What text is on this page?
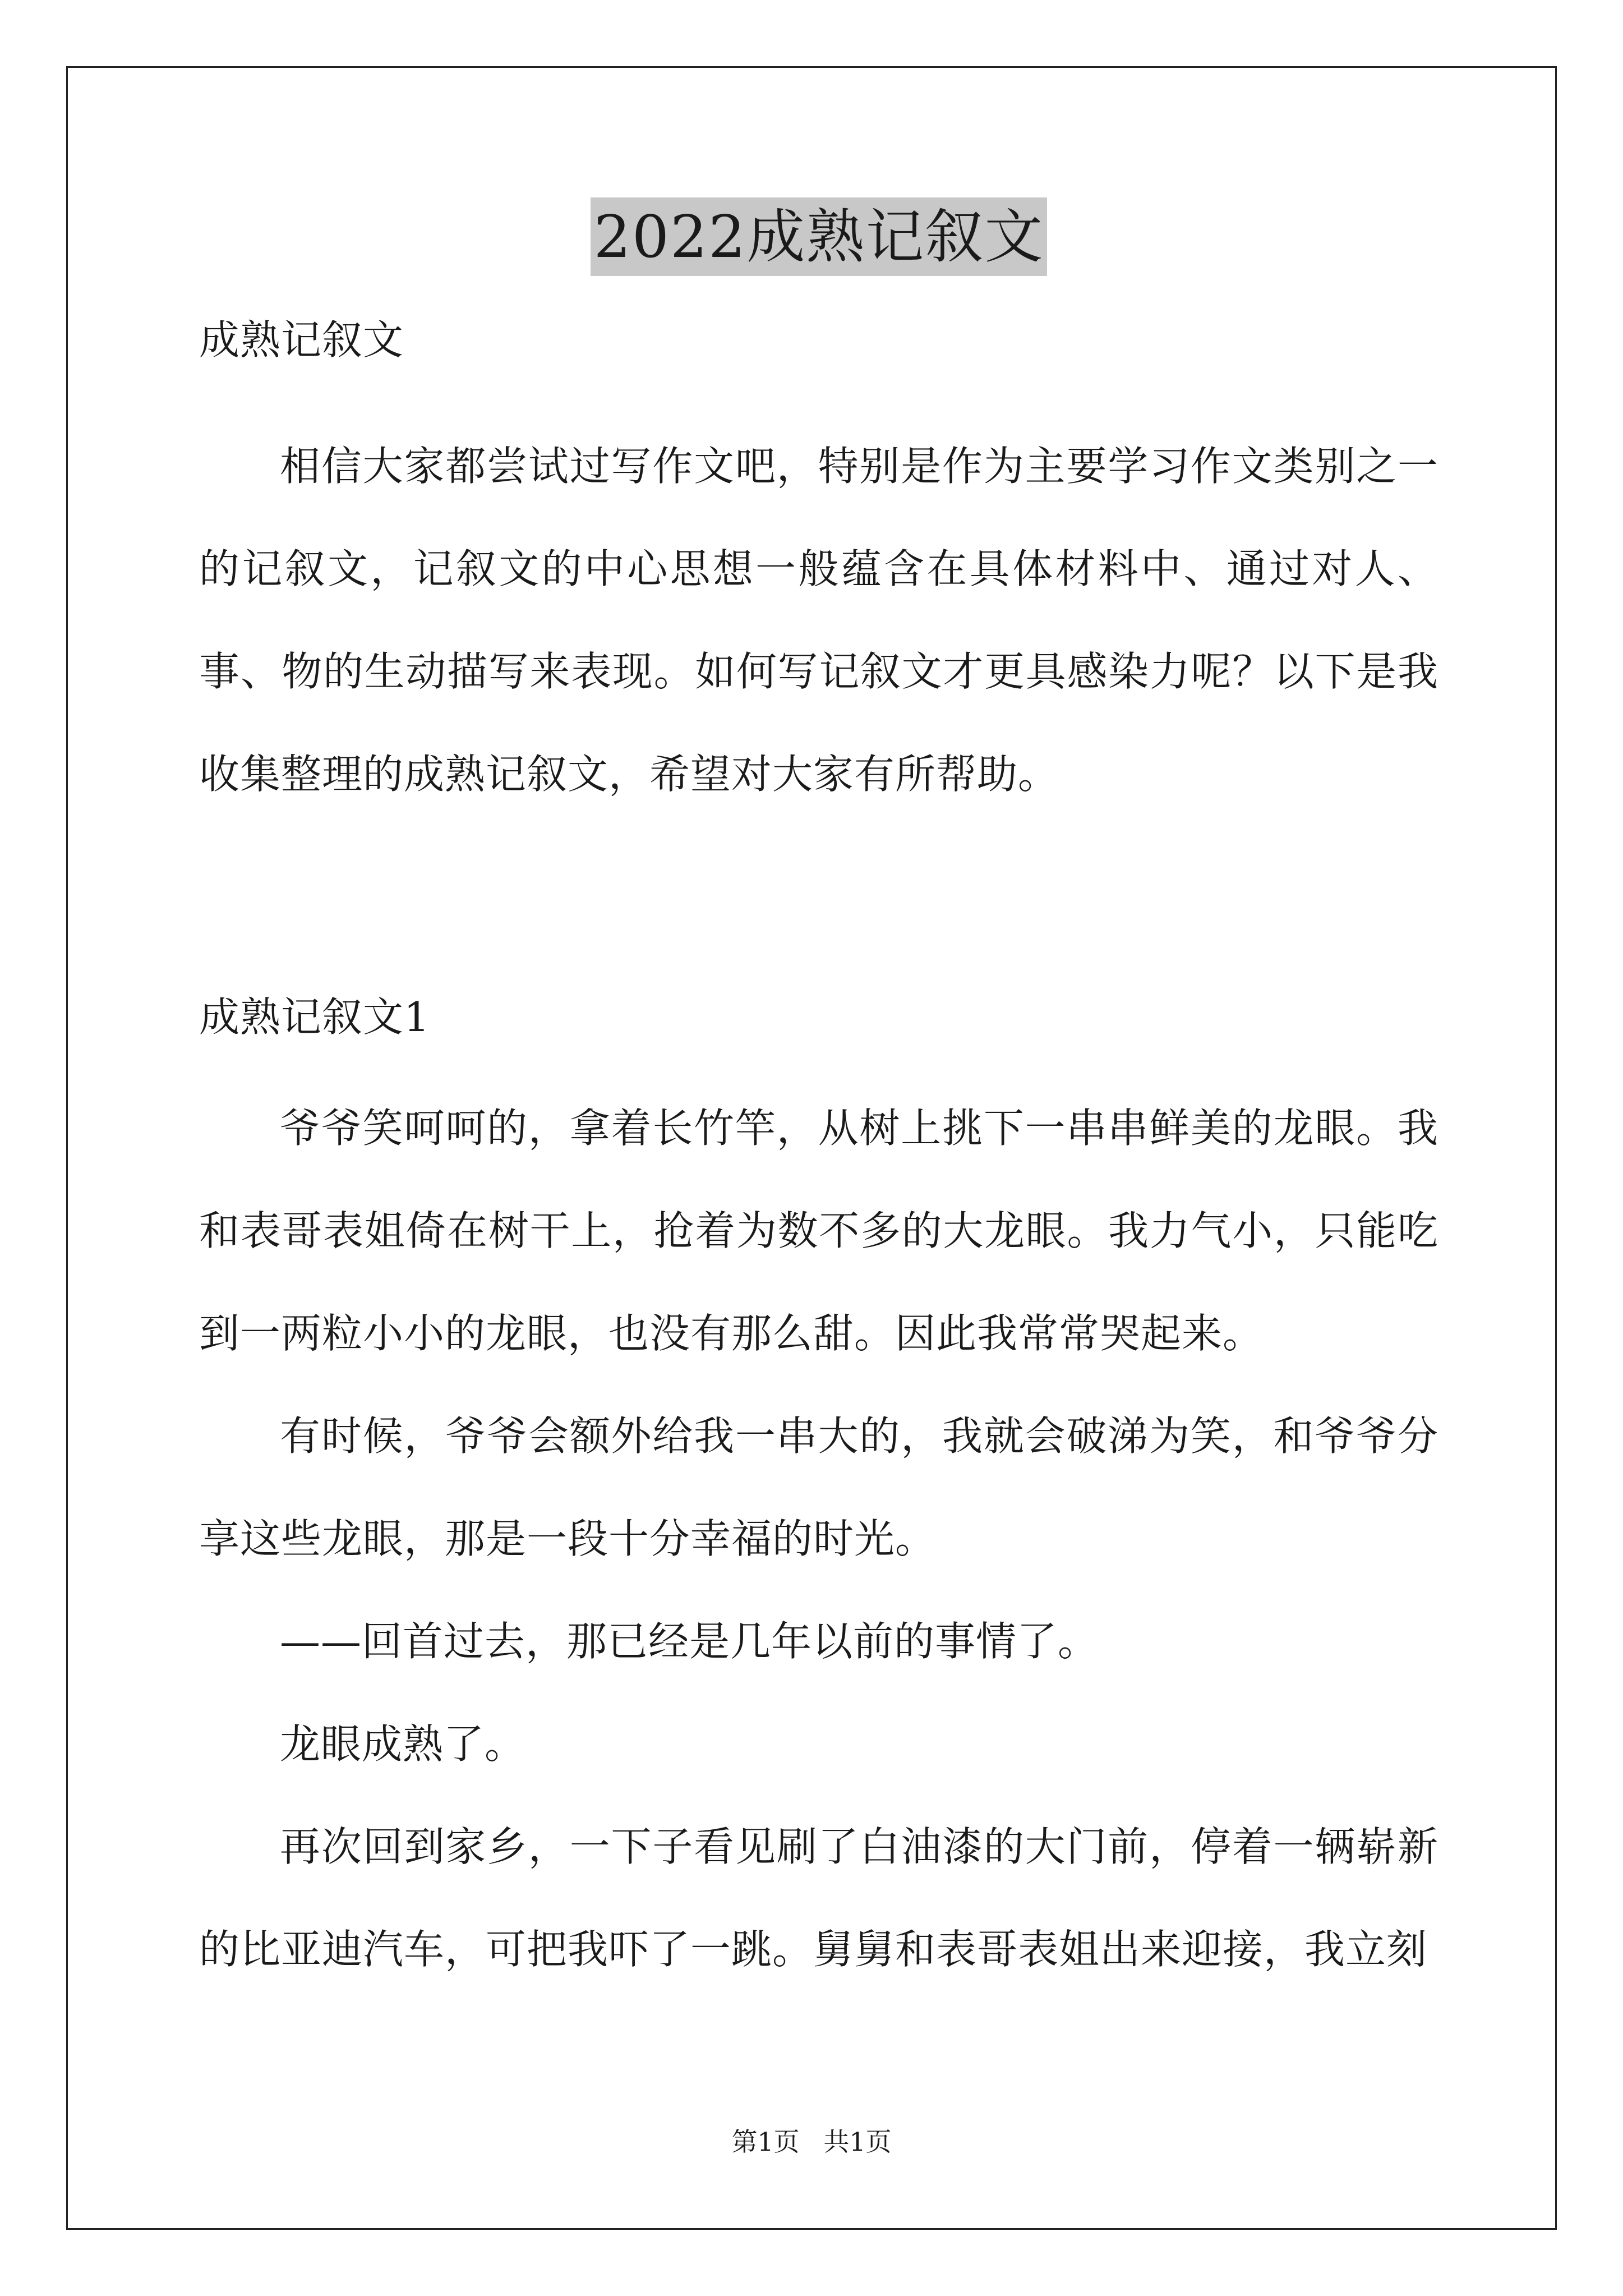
2022成熟记叙文
成熟记叙文
相信大家都尝试过写作文吧，特别是作为主要学习作文类别之一的记叙文，记叙文的中心思想一般蕴含在具体材料中、通过对人、事、物的生动描写来表现。如何写记叙文才更具感染力呢？以下是我收集整理的成熟记叙文，希望对大家有所帮助。
成熟记叙文1
爷爷笑呵呵的，拿着长竹竿，从树上挑下一串串鲜美的龙眼。我和表哥表姐倚在树干上，抢着为数不多的大龙眼。我力气小，只能吃到一两粒小小的龙眼，也没有那么甜。因此我常常哭起来。
有时候，爷爷会额外给我一串大的，我就会破涕为笑，和爷爷分享这些龙眼，那是一段十分幸福的时光。
——回首过去，那已经是几年以前的事情了。
龙眼成熟了。
再次回到家乡，一下子看见刷了白油漆的大门前，停着一辆崭新的比亚迪汽车，可把我吓了一跳。舅舅和表哥表姐出来迎接，我立刻
第1页 共1页
